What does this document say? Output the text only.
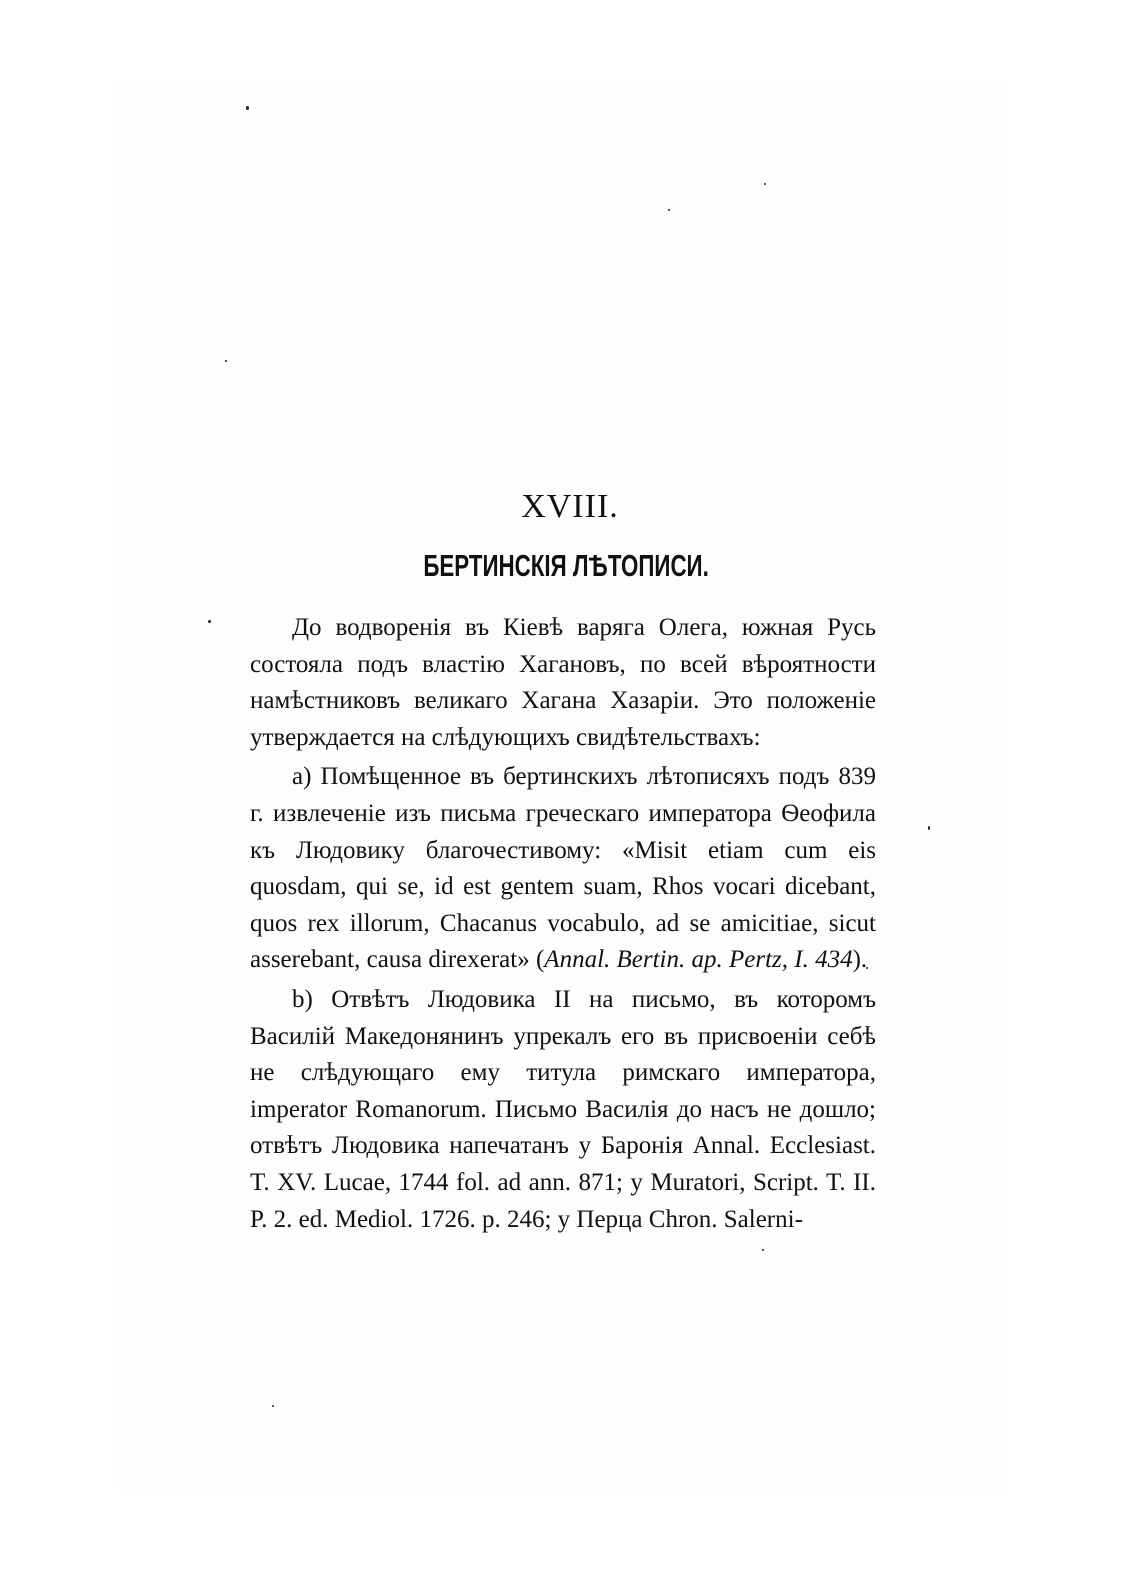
XVIII.
БЕРТИНСКІЯ ЛѢТОПИСИ.

До водворенія въ Кіевѣ варяга Олега, южная Русь состояла подъ властію Хагановъ, по всей вѣроятности намѣстниковъ великаго Хагана Хазаріи. Это положеніе утверждается на слѣдующихъ свидѣтельствахъ:

a) Помѣщенное въ бертинскихъ лѣтописяхъ подъ 839 г. извлеченіе изъ письма греческаго императора Ѳеофила къ Людовику благочестивому: «Misit etiam cum eis quosdam, qui se, id est gentem suam, Rhos vocari dicebant, quos rex illorum, Chacanus vocabulo, ad se amicitiae, sicut asserebant, causa direxerat» (Annal. Bertin. ap. Pertz, I. 434).

b) Отвѣтъ Людовика II на письмо, въ которомъ Василій Македонянинъ упрекалъ его въ присвоеніи себѣ не слѣдующаго ему титула римскаго императора, imperator Romanorum. Письмо Василія до насъ не дошло; отвѣтъ Людовика напечатанъ у Баронія Annal. Ecclesiast. T. XV. Lucae, 1744 fol. ad ann. 871; у Muratori, Script. T. II. P. 2. ed. Mediol. 1726. p. 246; у Перца Chron. Salerni-
